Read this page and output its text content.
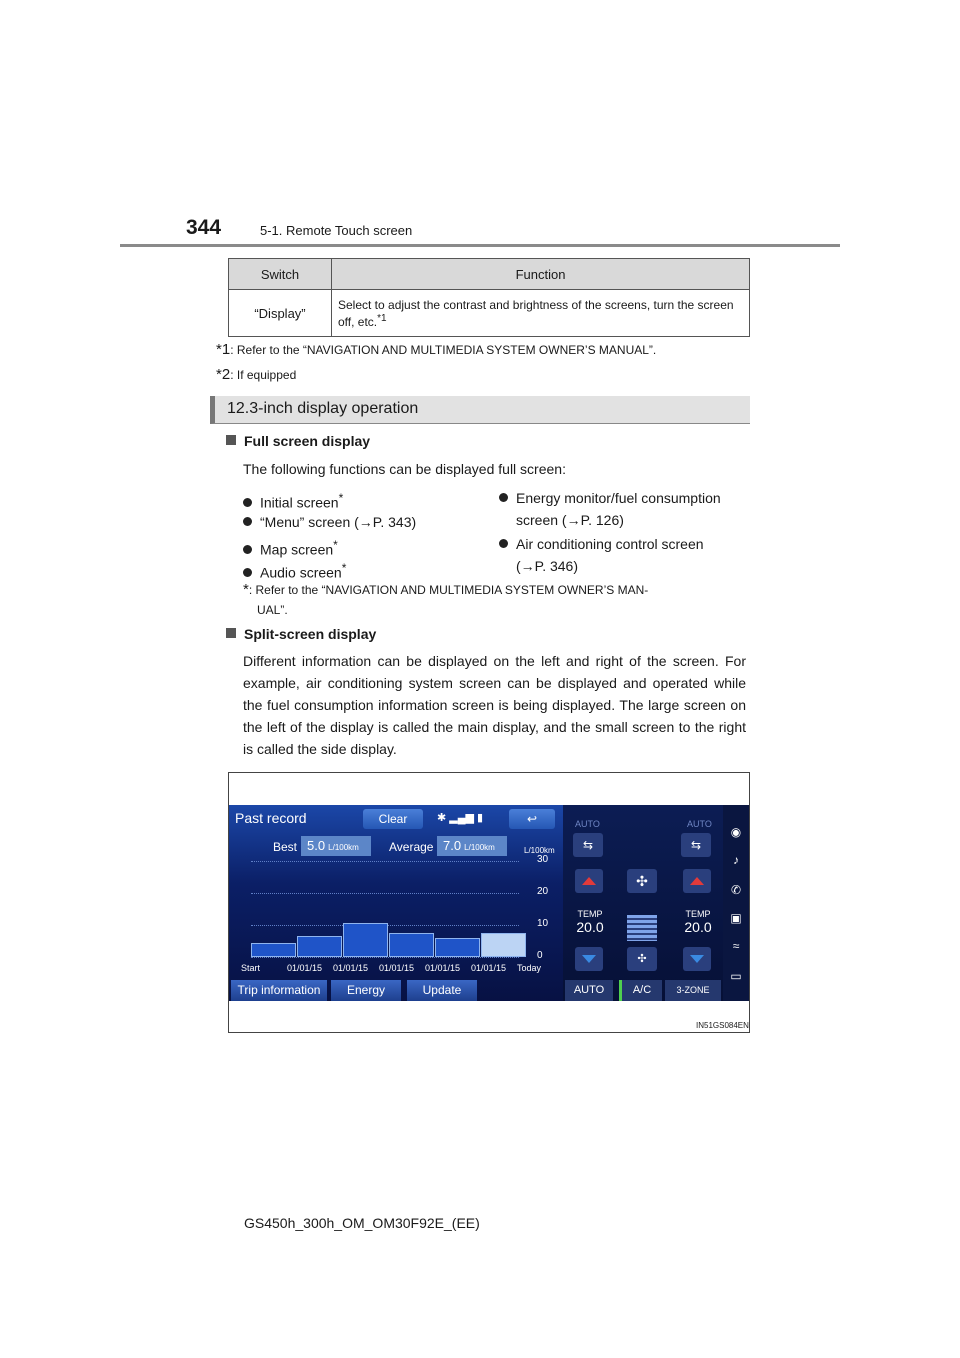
344	5-1. Remote Touch screen
Switch	Function
“Display”	Select to adjust the contrast and brightness of the screens, turn the screen off, etc.$^{*1}$
*1: Refer to the “NAVIGATION AND MULTIMEDIA SYSTEM OWNER’S MANUAL”.
*2: If equipped
12.3-inch display operation
Full screen display
The following functions can be displayed full screen:
Initial screen*
“Menu” screen (→P. 343)
Map screen*
Audio screen*
Energy monitor/fuel consumption
screen (→P. 126)
Air conditioning control screen
(→P. 346)
*: Refer to the “NAVIGATION AND MULTIMEDIA SYSTEM OWNER’S MAN-
UAL”.
Split-screen display
Different information can be displayed on the left and right of the screen. For example, air conditioning system screen can be displayed and operated while the fuel consumption information screen is being displayed. The large screen on the left of the display is called the main display, and the small screen to the right is called the side display.
Past record	Clear	✱ ▂▄▆ ▮	↩
Best 5.0 L/100km	Average 7.0 L/100km	L/100km
Trip information	Energy	Update
0
10
20
30
Start	01/01/15 01/01/15 01/01/15 01/01/15 01/01/15 Today
AUTO	AUTO
⇆	⇆
✣
TEMP
20.0
TEMP
20.0
✣
AUTO	A/C	3-ZONE
◉
♪
✆
▣
≈
▭
IN51GS084EN
GS450h_300h_OM_OM30F92E_(EE)
